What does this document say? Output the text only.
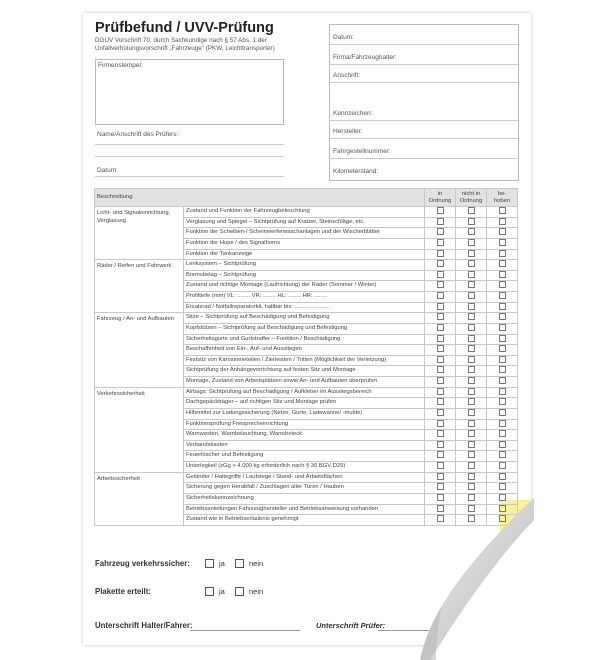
Prüfbefund / UVV-Prüfung
DGUV Vorschrift 70, durch Sachkundige nach § 57 Abs. 1 der Unfallverhütungsvorschrift „Fahrzeuge" (PKW, Leichttransporter)
Firmenstempel:
Name/Anschrift des Prüfers:
Datum:
Datum:
Firma/Fahrzeughalter:
Anschrift:
Kennzeichen:
Hersteller:
Fahrgestellnummer:
Kilometerstand:
Beschreibung		in Ordnung	nicht in Ordnung	be- hoben
Licht- und Signaleinrichtung, Verglasung	Zustand und Funktion der Fahrzeugbeleuchtung			
	Verglasung und Spiegel – Sichtprüfung auf Kratzer, Steinschläge, etc.			
	Funktion der Scheiben-/ Scheinwerferwaschanlagen und der Wischerblätter			
	Funktion der Hupe / des Signalhorns			
	Funktion der Tankanzeige			
Räder / Reifen und Fahrwerk	Lenksystem – Sichtprüfung			
	Bremsbelag – Sichtprüfung			
	Zustand und richtige Montage (Laufrichtung) der Räder (Sommer / Winter)			
	Profiltiefe (mm) VL: ........ VR: ........ HL: ........ HR: ........			
	Ersatzrad / Notfallreparaturkit, haltbar bis: ......................			
Fahrzeug / An- und Aufbauten	Sitze – Sichtprüfung auf Beschädigung und Befestigung			
	Kopfstützen – Sichtprüfung auf Beschädigung und Befestigung			
	Sicherheitsgurte und Gurtstraffer – Funktion / Beschädigung			
	Beschaffenheit von Ein-, Auf- und Ausstiegen			
	Festsitz von Karosserieteilen / Zierleisten / Tritten (Möglichkeit der Verletzung)			
	Sichtprüfung der Anhängevorrichtung auf festen Sitz und Montage			
	Montage, Zustand von Arbeitsplätzen sowie An- und Aufbauten überprüfen			
Verkehrssicherheit	Airbags: Sichtprüfung auf Beschädigung / Aufkleber im Ausstiegsbereich			
	Dachgepäckträger – auf richtigen Sitz und Montage prüfen			
	Hilfsmittel zur Ladungssicherung (Netze, Gurte, Ladewanne/ -mulde)			
	Funktionsprüfung Freisprecheinrichtung			
	Warnwesten, Warnbeleuchtung, Warndreieck			
	Verbandskasten			
	Feuerlöscher und Befestigung			
	Unterlegkeil (zGg > 4.000 kg erforderlich nach § 30 BGV D29)			
Arbeitssicherheit	Geländer / Haltegriffe / Laufstege / Stand- und Arbeitsflächen			
	Sicherung gegen Herabfall / Zuschlagen aller Türen / Hauben			
	Sicherheitskennzeichnung			
	Betriebsanleitungen Fahrzeughersteller und Betriebsanweisung vorhanden			
	Zustand wie in Betriebserlaubnis genehmigt			
Fahrzeug verkehrssicher:	ja	nein
Plakette erteilt:	ja	nein
Unterschrift Halter/Fahrer:	Unterschrift Prüfer:
